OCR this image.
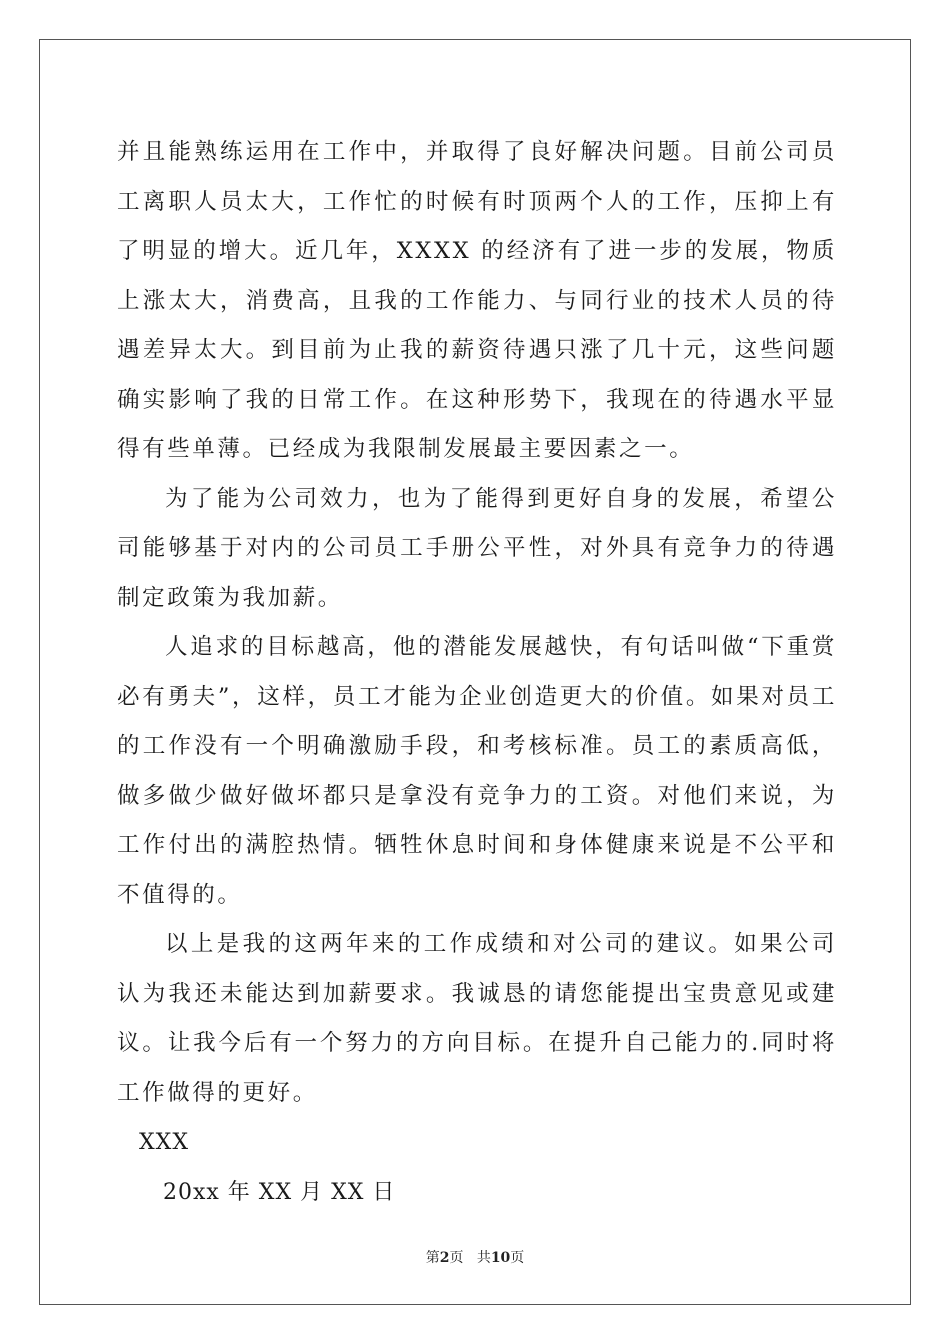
并且能熟练运用在工作中，并取得了良好解决问题。目前公司员工离职人员太大，工作忙的时候有时顶两个人的工作，压抑上有了明显的增大。近几年，XXXX 的经济有了进一步的发展，物质上涨太大，消费高，且我的工作能力、与同行业的技术人员的待遇差异太大。到目前为止我的薪资待遇只涨了几十元，这些问题确实影响了我的日常工作。在这种形势下，我现在的待遇水平显得有些单薄。已经成为我限制发展最主要因素之一。

为了能为公司效力，也为了能得到更好自身的发展，希望公司能够基于对内的公司员工手册公平性，对外具有竞争力的待遇制定政策为我加薪。

人追求的目标越高，他的潜能发展越快，有句话叫做“下重赏必有勇夫”，这样，员工才能为企业创造更大的价值。如果对员工的工作没有一个明确激励手段，和考核标准。员工的素质高低，做多做少做好做坏都只是拿没有竞争力的工资。对他们来说，为工作付出的满腔热情。牺牲休息时间和身体健康来说是不公平和不值得的。

以上是我的这两年来的工作成绩和对公司的建议。如果公司认为我还未能达到加薪要求。我诚恳的请您能提出宝贵意见或建议。让我今后有一个努力的方向目标。在提升自己能力的.同时将工作做得的更好。

XXX

20xx 年 XX 月 XX 日

第2页 共10页
